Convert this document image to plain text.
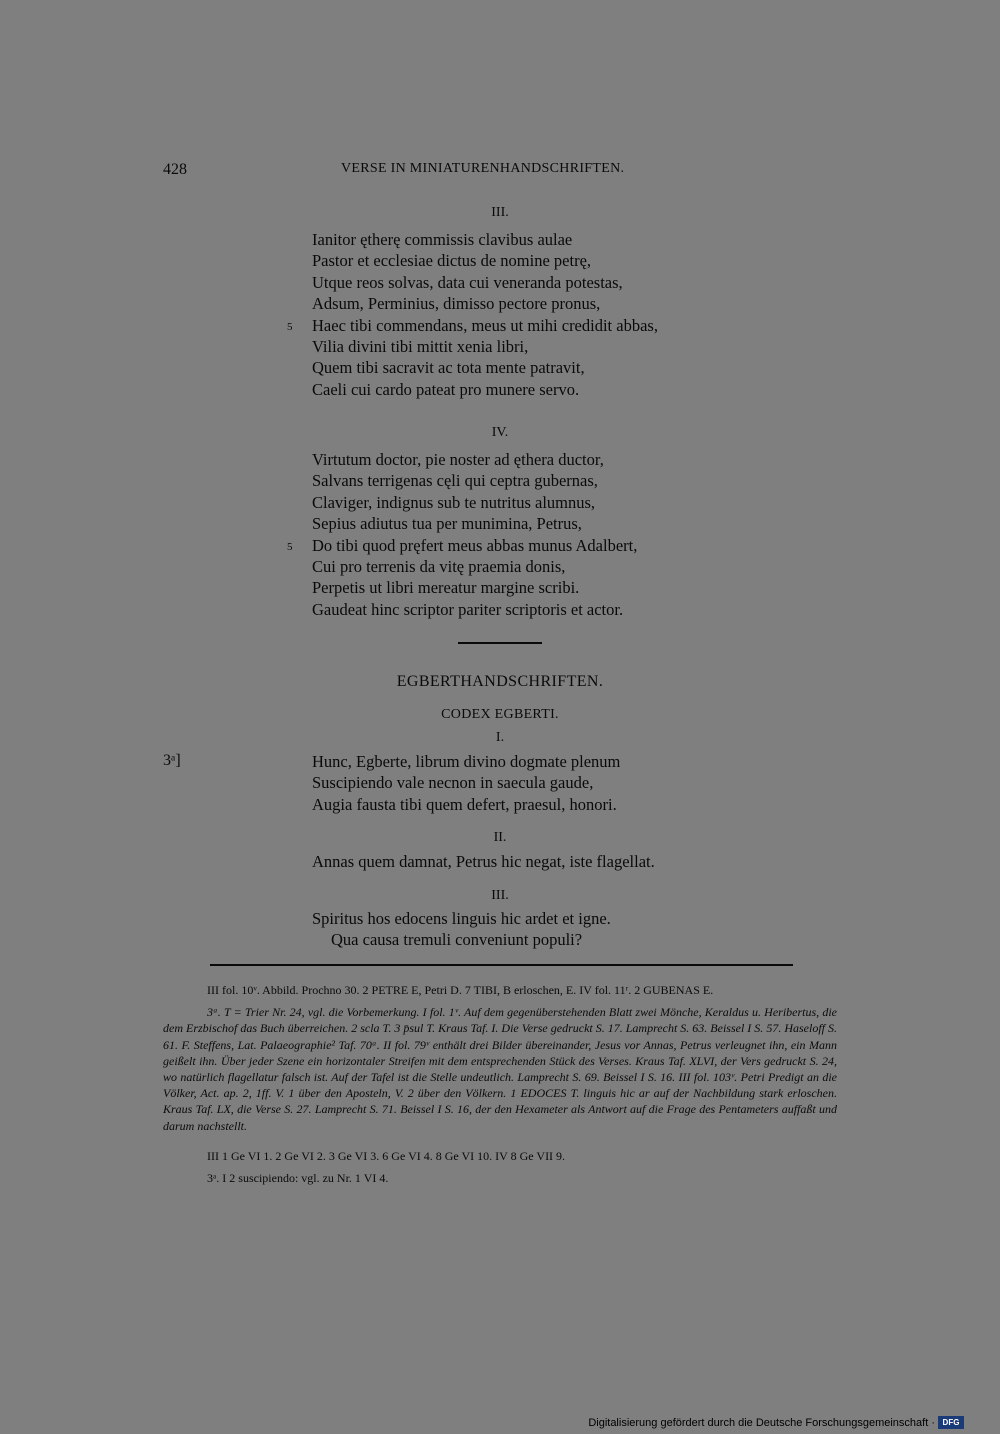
428	VERSE IN MINIATURENHANDSCHRIFTEN.
III.
5
Ianitor ętherę commissis clavibus aulae
Pastor et ecclesiae dictus de nomine petrę,
Utque reos solvas, data cui veneranda potestas,
Adsum, Perminius, dimisso pectore pronus,
Haec tibi commendans, meus ut mihi credidit abbas,
Vilia divini tibi mittit xenia libri,
Quem tibi sacravit ac tota mente patravit,
Caeli cui cardo pateat pro munere servo.
IV.
5
Virtutum doctor, pie noster ad ęthera ductor,
Salvans terrigenas cęli qui ceptra gubernas,
Claviger, indignus sub te nutritus alumnus,
Sepius adiutus tua per munimina, Petrus,
Do tibi quod pręfert meus abbas munus Adalbert,
Cui pro terrenis da vitę praemia donis,
Perpetis ut libri mereatur margine scribi.
Gaudeat hinc scriptor pariter scriptoris et actor.
EGBERTHANDSCHRIFTEN.
CODEX EGBERTI.
I.
3ᵃ]	Hunc, Egberte, librum divino dogmate plenum
Suscipiendo vale necnon in saecula gaude,
Augia fausta tibi quem defert, praesul, honori.
II.
Annas quem damnat, Petrus hic negat, iste flagellat.
III.
Spiritus hos edocens linguis hic ardet et igne.
Qua causa tremuli conveniunt populi?

III fol. 10ᵛ. Abbild. Prochno 30. 2 PETRE E, Petri D. 7 TIBI, B erloschen, E. IV fol. 11ʳ. 2 GUBENAS E.

3ᵃ. T = Trier Nr. 24, vgl. die Vorbemerkung. I fol. 1ᵛ. Auf dem gegenüberstehenden Blatt zwei Mönche, Keraldus u. Heribertus, die dem Erzbischof das Buch überreichen. 2 scla T. 3 p̄sul T. Kraus Taf. I. Die Verse gedruckt S. 17. Lamprecht S. 63. Beissel I S. 57. Haseloff S. 61. F. Steffens, Lat. Palaeographie² Taf. 70ᵃ. II fol. 79ᵛ enthält drei Bilder übereinander, Jesus vor Annas, Petrus verleugnet ihn, ein Mann geißelt ihn. Über jeder Szene ein horizontaler Streifen mit dem entsprechenden Stück des Verses. Kraus Taf. XLVI, der Vers gedruckt S. 24, wo natürlich flagellatur falsch ist. Auf der Tafel ist die Stelle undeutlich. Lamprecht S. 69. Beissel I S. 16. III fol. 103ᵛ. Petri Predigt an die Völker, Act. ap. 2, 1ff. V. 1 über den Aposteln, V. 2 über den Völkern. 1 EDOCES T. linguis hic ar auf der Nachbildung stark erloschen. Kraus Taf. LX, die Verse S. 27. Lamprecht S. 71. Beissel I S. 16, der den Hexameter als Antwort auf die Frage des Pentameters auffaßt und darum nachstellt.

III 1 Ge VI 1. 2 Ge VI 2. 3 Ge VI 3. 6 Ge VI 4. 8 Ge VI 10. IV 8 Ge VII 9.

3ᵃ. I 2 suscipiendo: vgl. zu Nr. 1 VI 4.

Digitalisierung gefördert durch die Deutsche Forschungsgemeinschaft · DFG
